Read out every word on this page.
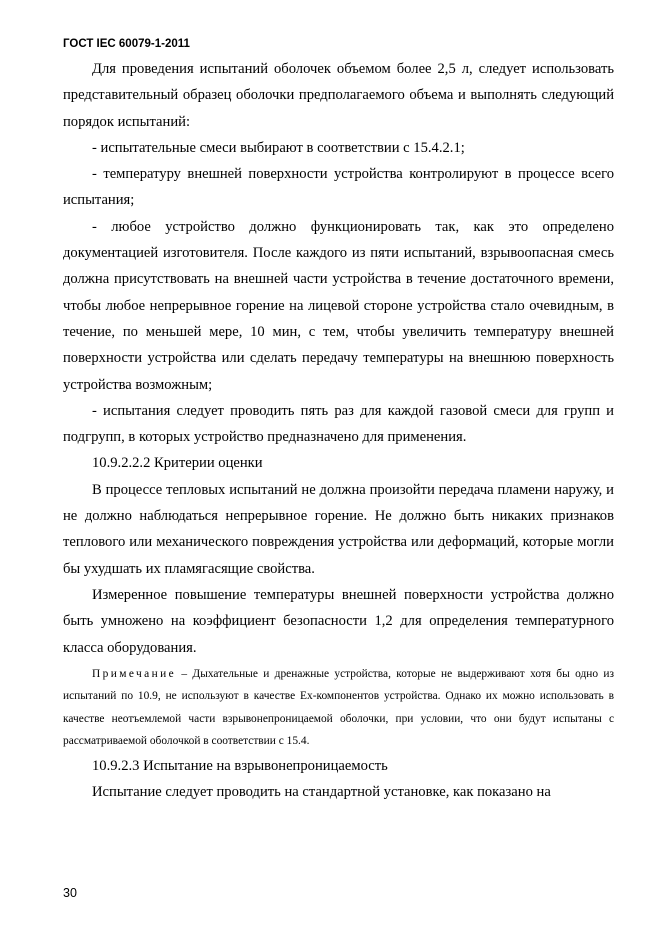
ГОСТ IEC 60079-1-2011

Для проведения испытаний оболочек объемом более 2,5 л, следует использовать представительный образец оболочки предполагаемого объема и выполнять следующий порядок испытаний:

- испытательные смеси выбирают в соответствии с 15.4.2.1;

- температуру внешней поверхности устройства контролируют в процессе всего испытания;

- любое устройство должно функционировать так, как это определено документацией изготовителя. После каждого из пяти испытаний, взрывоопасная смесь должна присутствовать на внешней части устройства в течение достаточного времени, чтобы любое непрерывное горение на лицевой стороне устройства стало очевидным, в течение, по меньшей мере, 10 мин, с тем, чтобы увеличить температуру внешней поверхности устройства или сделать передачу температуры на внешнюю поверхность устройства возможным;

- испытания следует проводить пять раз для каждой газовой смеси для групп и подгрупп, в которых устройство предназначено для применения.

10.9.2.2.2 Критерии оценки

В процессе тепловых испытаний не должна произойти передача пламени наружу, и не должно наблюдаться непрерывное горение. Не должно быть никаких признаков теплового или механического повреждения устройства или деформаций, которые могли бы ухудшать их пламягасящие свойства.

Измеренное повышение температуры внешней поверхности устройства должно быть умножено на коэффициент безопасности 1,2 для определения температурного класса оборудования.

Примечание – Дыхательные и дренажные устройства, которые не выдерживают хотя бы одно из испытаний по 10.9, не используют в качестве Ex-компонентов устройства. Однако их можно использовать в качестве неотъемлемой части взрывонепроницаемой оболочки, при условии, что они будут испытаны с рассматриваемой оболочкой в соответствии с 15.4.

10.9.2.3 Испытание на взрывонепроницаемость

Испытание следует проводить на стандартной установке, как показано на

30
